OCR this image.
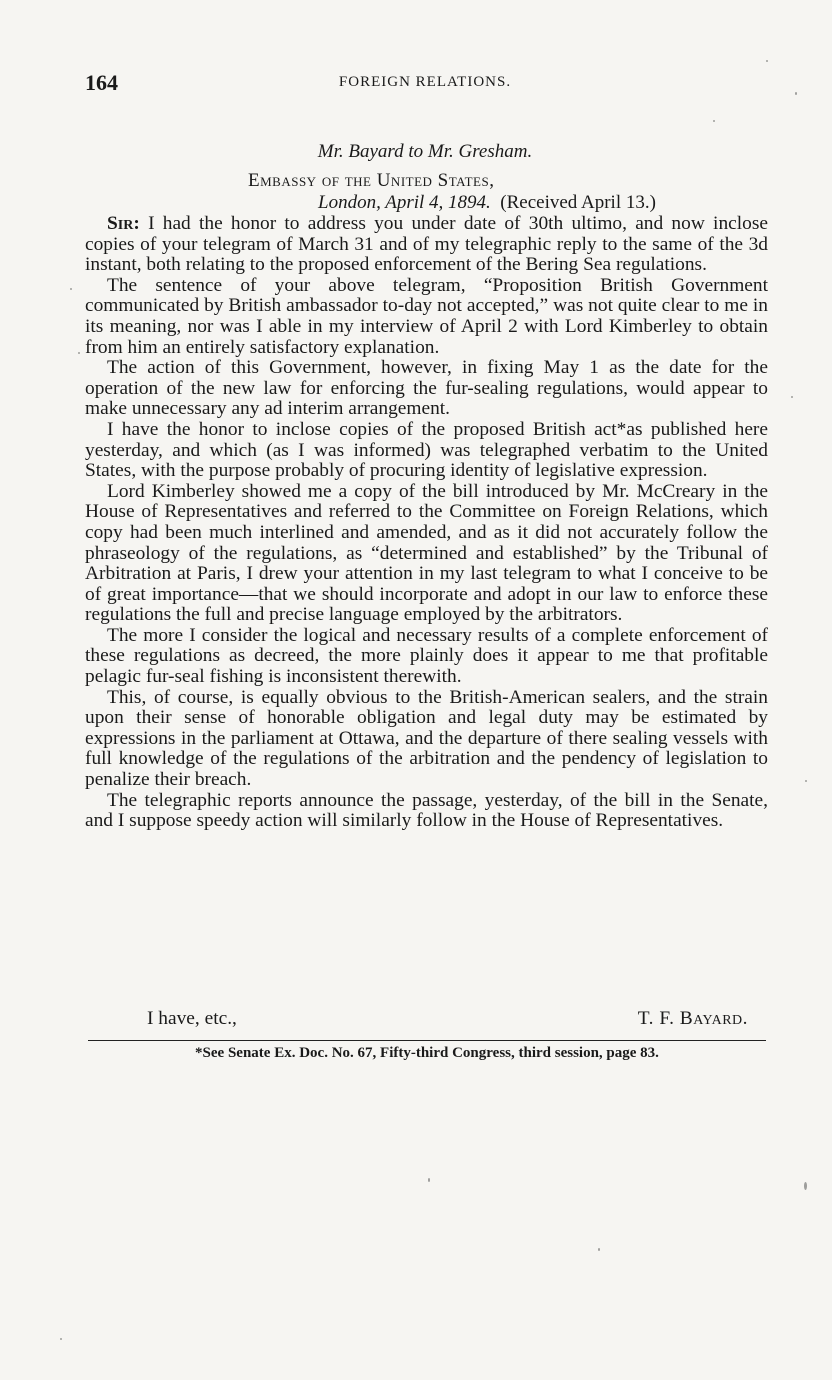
164	FOREIGN RELATIONS.
Mr. Bayard to Mr. Gresham.
Embassy of the United States,
London, April 4, 1894. (Received April 13.)

Sir: I had the honor to address you under date of 30th ultimo, and now inclose copies of your telegram of March 31 and of my telegraphic reply to the same of the 3d instant, both relating to the proposed enforcement of the Bering Sea regulations.

The sentence of your above telegram, “Proposition British Government communicated by British ambassador to-day not accepted,” was not quite clear to me in its meaning, nor was I able in my interview of April 2 with Lord Kimberley to obtain from him an entirely satisfactory explanation.

The action of this Government, however, in fixing May 1 as the date for the operation of the new law for enforcing the fur-sealing regulations, would appear to make unnecessary any ad interim arrangement.

I have the honor to inclose copies of the proposed British act*as published here yesterday, and which (as I was informed) was telegraphed verbatim to the United States, with the purpose probably of procuring identity of legislative expression.

Lord Kimberley showed me a copy of the bill introduced by Mr. McCreary in the House of Representatives and referred to the Committee on Foreign Relations, which copy had been much interlined and amended, and as it did not accurately follow the phraseology of the regulations, as “determined and established” by the Tribunal of Arbitration at Paris, I drew your attention in my last telegram to what I conceive to be of great importance—that we should incorporate and adopt in our law to enforce these regulations the full and precise language employed by the arbitrators.

The more I consider the logical and necessary results of a complete enforcement of these regulations as decreed, the more plainly does it appear to me that profitable pelagic fur-seal fishing is inconsistent therewith.

This, of course, is equally obvious to the British-American sealers, and the strain upon their sense of honorable obligation and legal duty may be estimated by expressions in the parliament at Ottawa, and the departure of there sealing vessels with full knowledge of the regulations of the arbitration and the pendency of legislation to penalize their breach.

The telegraphic reports announce the passage, yesterday, of the bill in the Senate, and I suppose speedy action will similarly follow in the House of Representatives.

I have, etc.,	T. F. Bayard.
*See Senate Ex. Doc. No. 67, Fifty-third Congress, third session, page 83.
